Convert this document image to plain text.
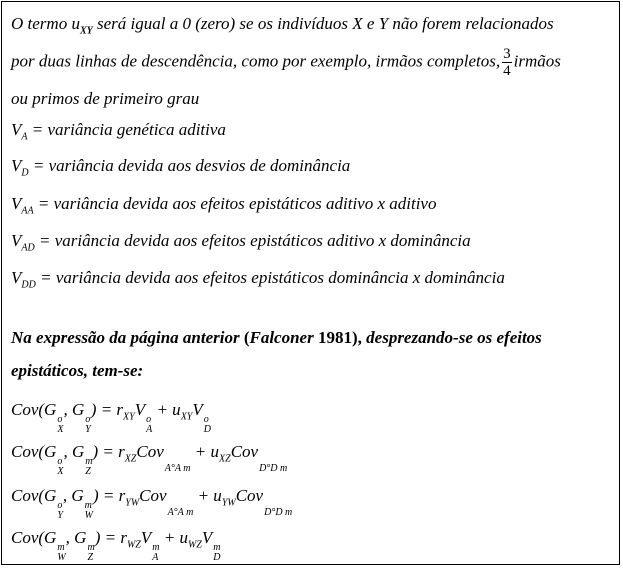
O termo $u_{XY}$ será igual a 0 (zero) se os indivíduos X e Y não forem relacionados
por duas linhas de descendência, como por exemplo, irmãos completos, $\frac{3}{4}$ irmãos
ou primos de primeiro grau
$V_A$ = variância genética aditiva
$V_D$ = variância devida aos desvios de dominância
$V_{AA}$ = variância devida aos efeitos epistáticos aditivo x aditivo
$V_{AD}$ = variância devida aos efeitos epistáticos aditivo x dominância
$V_{DD}$ = variância devida aos efeitos epistáticos dominância x dominância
Na expressão da página anterior (Falconer 1981), desprezando-se os efeitos
epistáticos, tem-se:
Cov(G
o
X
, G
o
Y
) = $r_{XY}V$
o
A
+ $u_{XY}V$
o
D
Cov(G
o
X
, G
m
Z
) = $r_{XZ}Cov$
A°A m
+ $u_{XZ}Cov$
D°D m
Cov(G
o
Y
, G
m
W
) = $r_{YW}Cov$
A°A m
+ $u_{YW}Cov$
D°D m
Cov(G
m
W
, G
m
Z
) = $r_{WZ}V$
m
A
+ $u_{WZ}V$
m
D
